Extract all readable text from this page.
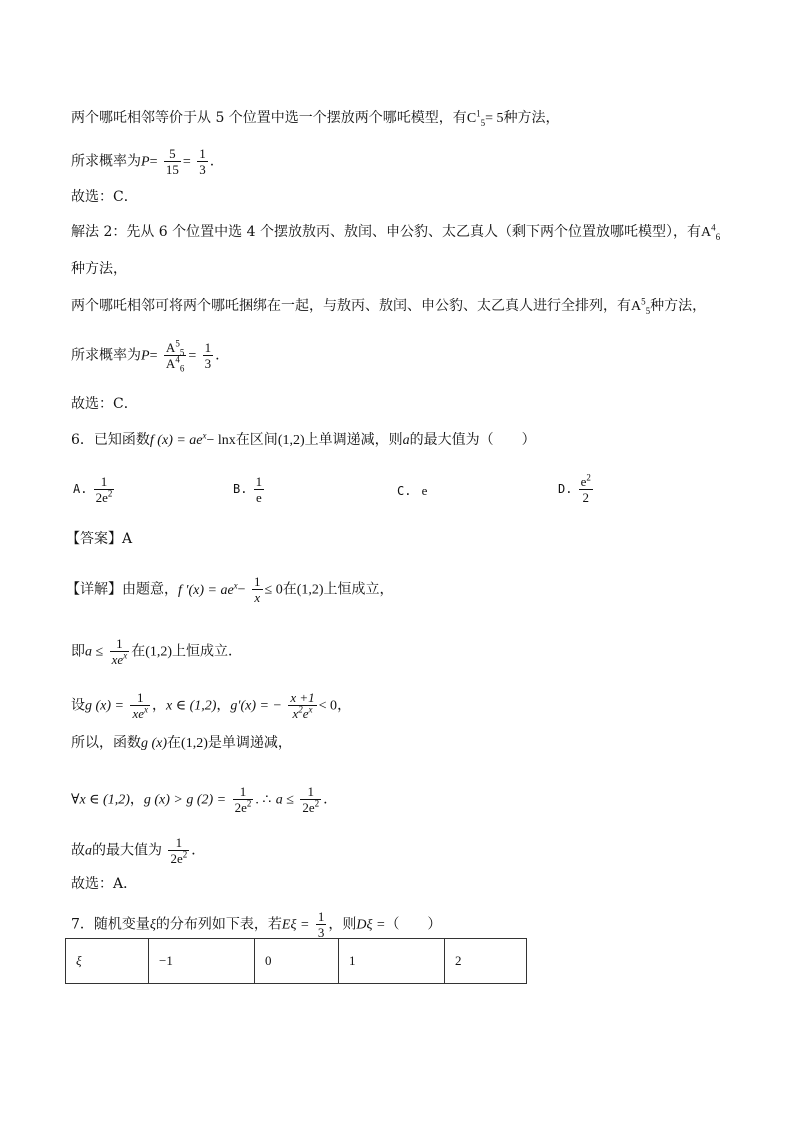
两个哪吒相邻等价于从 5 个位置中选一个摆放两个哪吒模型，有$C^1_5= 5$种方法，
所求概率为$P= \frac{5}{15} = \frac{1}{3}$ .
故选：C．
解法 2：先从 6 个位置中选 4 个摆放敖丙、敖闰、申公豹、太乙真人（剩下两个位置放哪吒模型），有$A^4_6$
种方法，
两个哪吒相邻可将两个哪吒捆绑在一起，与敖丙、敖闰、申公豹、太乙真人进行全排列，有$A^5_5$种方法，
所求概率为$P= \frac{A^5_5}{A^4_6} = \frac{1}{3}$ .
故选：C．
6．已知函数f $(x) = ae^x- \ln x$在区间(1,2)上单调递减，则a的最大值为（　　）
A. $\frac{1}{2e^2}$	B. $\frac{1}{e}$	C. e	D. $\frac{e^2}{2}$
【答案】A
【详解】由题意，f $'(x) = ae^x- \frac{1}{x} \le 0$在(1,2)上恒成立，
即$a \le \frac{1}{xe^x}$ 在(1,2)上恒成立．
设g $(x) = \frac{1}{xe^x}$ ，x ∈ (1,2)，g′(x) = − $\frac{x +1}{x^2e^x} < 0$，
所以，函数g (x)在(1,2)是单调递减，
∀x ∈ (1,2)，g (x) > g $(2) = \frac{1}{2e^2}$ . ∴ $a \le \frac{1}{2e^2}$ .
故a的最大值为 $\frac{1}{2e^2}$ ．
故选：A．
7．随机变量ξ的分布列如下表，若$E\xi = \frac{1}{3}$ ，则Dξ =（　　）
ξ	−1	0	1	2
